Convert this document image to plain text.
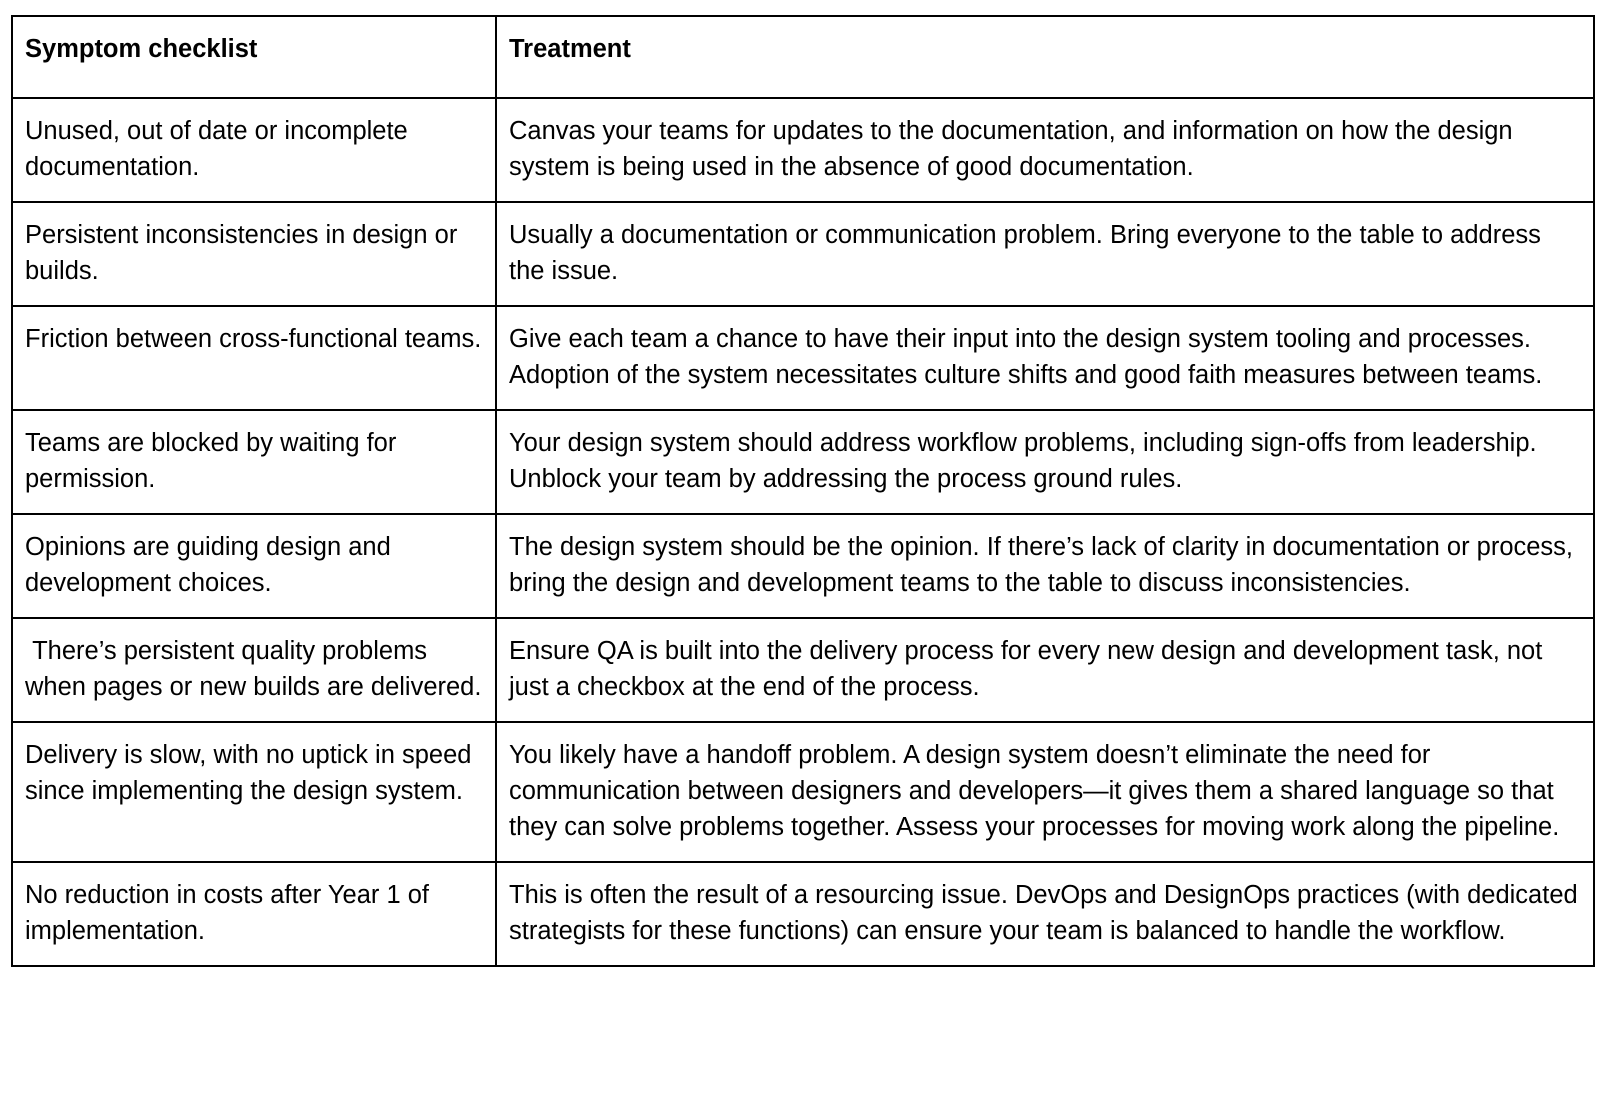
Symptom checklist	Treatment
Unused, out of date or incomplete documentation.	Canvas your teams for updates to the documentation, and information on how the design system is being used in the absence of good documentation.
Persistent inconsistencies in design or builds.	Usually a documentation or communication problem. Bring everyone to the table to address the issue.
Friction between cross-functional teams.	Give each team a chance to have their input into the design system tooling and processes. Adoption of the system necessitates culture shifts and good faith measures between teams.
Teams are blocked by waiting for permission.	Your design system should address workflow problems, including sign-offs from leadership. Unblock your team by addressing the process ground rules.
Opinions are guiding design and development choices.	The design system should be the opinion. If there’s lack of clarity in documentation or process, bring the design and development teams to the table to discuss inconsistencies.
There’s persistent quality problems when pages or new builds are delivered.	Ensure QA is built into the delivery process for every new design and development task, not just a checkbox at the end of the process.
Delivery is slow, with no uptick in speed since implementing the design system.	You likely have a handoff problem. A design system doesn’t eliminate the need for communication between designers and developers—it gives them a shared language so that they can solve problems together. Assess your processes for moving work along the pipeline.
No reduction in costs after Year 1 of implementation.	This is often the result of a resourcing issue. DevOps and DesignOps practices (with dedicated strategists for these functions) can ensure your team is balanced to handle the workflow.
